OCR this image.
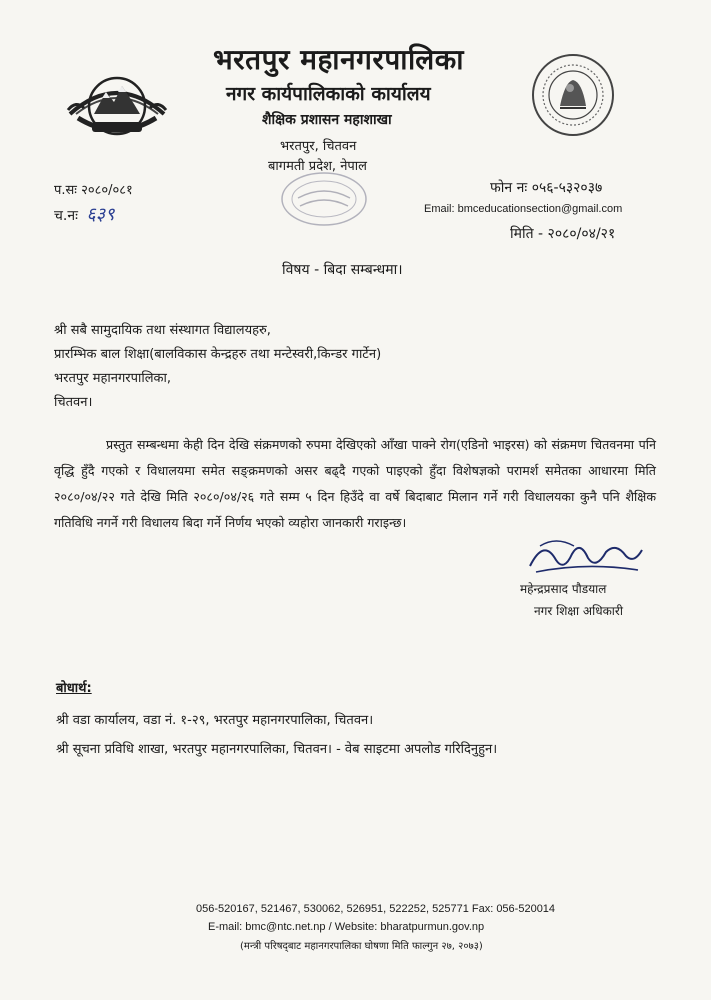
भरतपुर महानगरपालिका
नगर कार्यपालिकाको कार्यालय
शैक्षिक प्रशासन महाशाखा
भरतपुर, चितवन
बागमती प्रदेश, नेपाल
प.सः २०८०/०८१
च.नः ६३९
फोन नः ०५६-५३२०३७
Email: bmceducationsection@gmail.com
मिति - २०८०/०४/२१
विषय - बिदा सम्बन्धमा।
श्री सबै सामुदायिक तथा संस्थागत विद्यालयहरु,
प्रारम्भिक बाल शिक्षा(बालविकास केन्द्रहरु तथा मन्टेस्वरी,किन्डर गार्टेन)
भरतपुर महानगरपालिका,
चितवन।
प्रस्तुत सम्बन्धमा केही दिन देखि संक्रमणको रुपमा देखिएको आँखा पाक्ने रोग(एडिनो भाइरस) को संक्रमण चितवनमा पनि वृद्धि हुँदै गएको र विधालयमा समेत सङ्क्रमणको असर बढ्दै गएको पाइएको हुँदा विशेषज्ञको परामर्श समेतका आधारमा मिति २०८०/०४/२२ गते देखि मिति २०८०/०४/२६ गते सम्म ५ दिन हिउँदे वा वर्षे बिदाबाट मिलान गर्ने गरी विधालयका कुनै पनि शैक्षिक गतिविधि नगर्ने गरी विधालय बिदा गर्ने निर्णय भएको व्यहोरा जानकारी गराइन्छ।
महेन्द्रप्रसाद पौडयाल
नगर शिक्षा अधिकारी
बोधार्थ:
श्री वडा कार्यालय, वडा नं. १-२९, भरतपुर महानगरपालिका, चितवन।
श्री सूचना प्रविधि शाखा, भरतपुर महानगरपालिका, चितवन। - वेब साइटमा अपलोड गरिदिनुहुन।
056-520167, 521467, 530062, 526951, 522252, 525771 Fax: 056-520014
E-mail: bmc@ntc.net.np / Website: bharatpurmun.gov.np
(मन्त्री परिषद्‌बाट महानगरपालिका घोषणा मिति फाल्गुन २७, २०७३)
